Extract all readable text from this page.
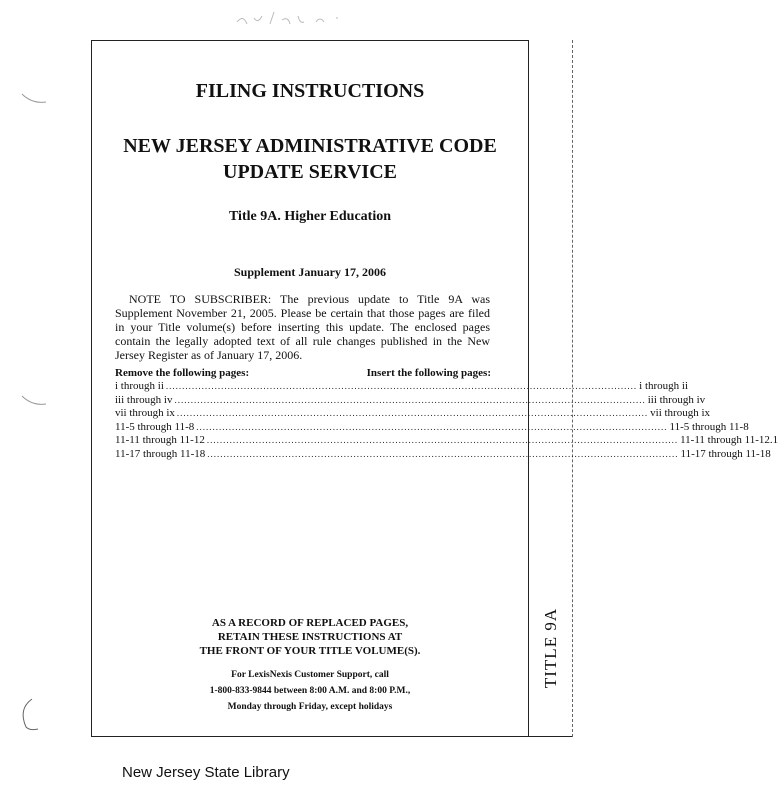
TITLE 9A
FILING INSTRUCTIONS
NEW JERSEY ADMINISTRATIVE CODE
UPDATE SERVICE
Title 9A. Higher Education
Supplement January 17, 2006
NOTE TO SUBSCRIBER: The previous update to Title 9A was Supplement November 21, 2005. Please be certain that those pages are filed in your Title volume(s) before inserting this update. The enclosed pages contain the legally adopted text of all rule changes published in the New Jersey Register as of January 17, 2006.
Remove the following pages:	Insert the following pages:
i through ii ................................................................................................................................................. i through ii
iii through iv ................................................................................................................................................. iii through iv
vii through ix ................................................................................................................................................. vii through ix
11-5 through 11-8 ................................................................................................................................................. 11-5 through 11-8
11-11 through 11-12 ................................................................................................................................................. 11-11 through 11-12.1
11-17 through 11-18 ................................................................................................................................................. 11-17 through 11-18
AS A RECORD OF REPLACED PAGES,
RETAIN THESE INSTRUCTIONS AT
THE FRONT OF YOUR TITLE VOLUME(S).
For LexisNexis Customer Support, call
1-800-833-9844 between 8:00 A.M. and 8:00 P.M.,
Monday through Friday, except holidays
New Jersey State Library
